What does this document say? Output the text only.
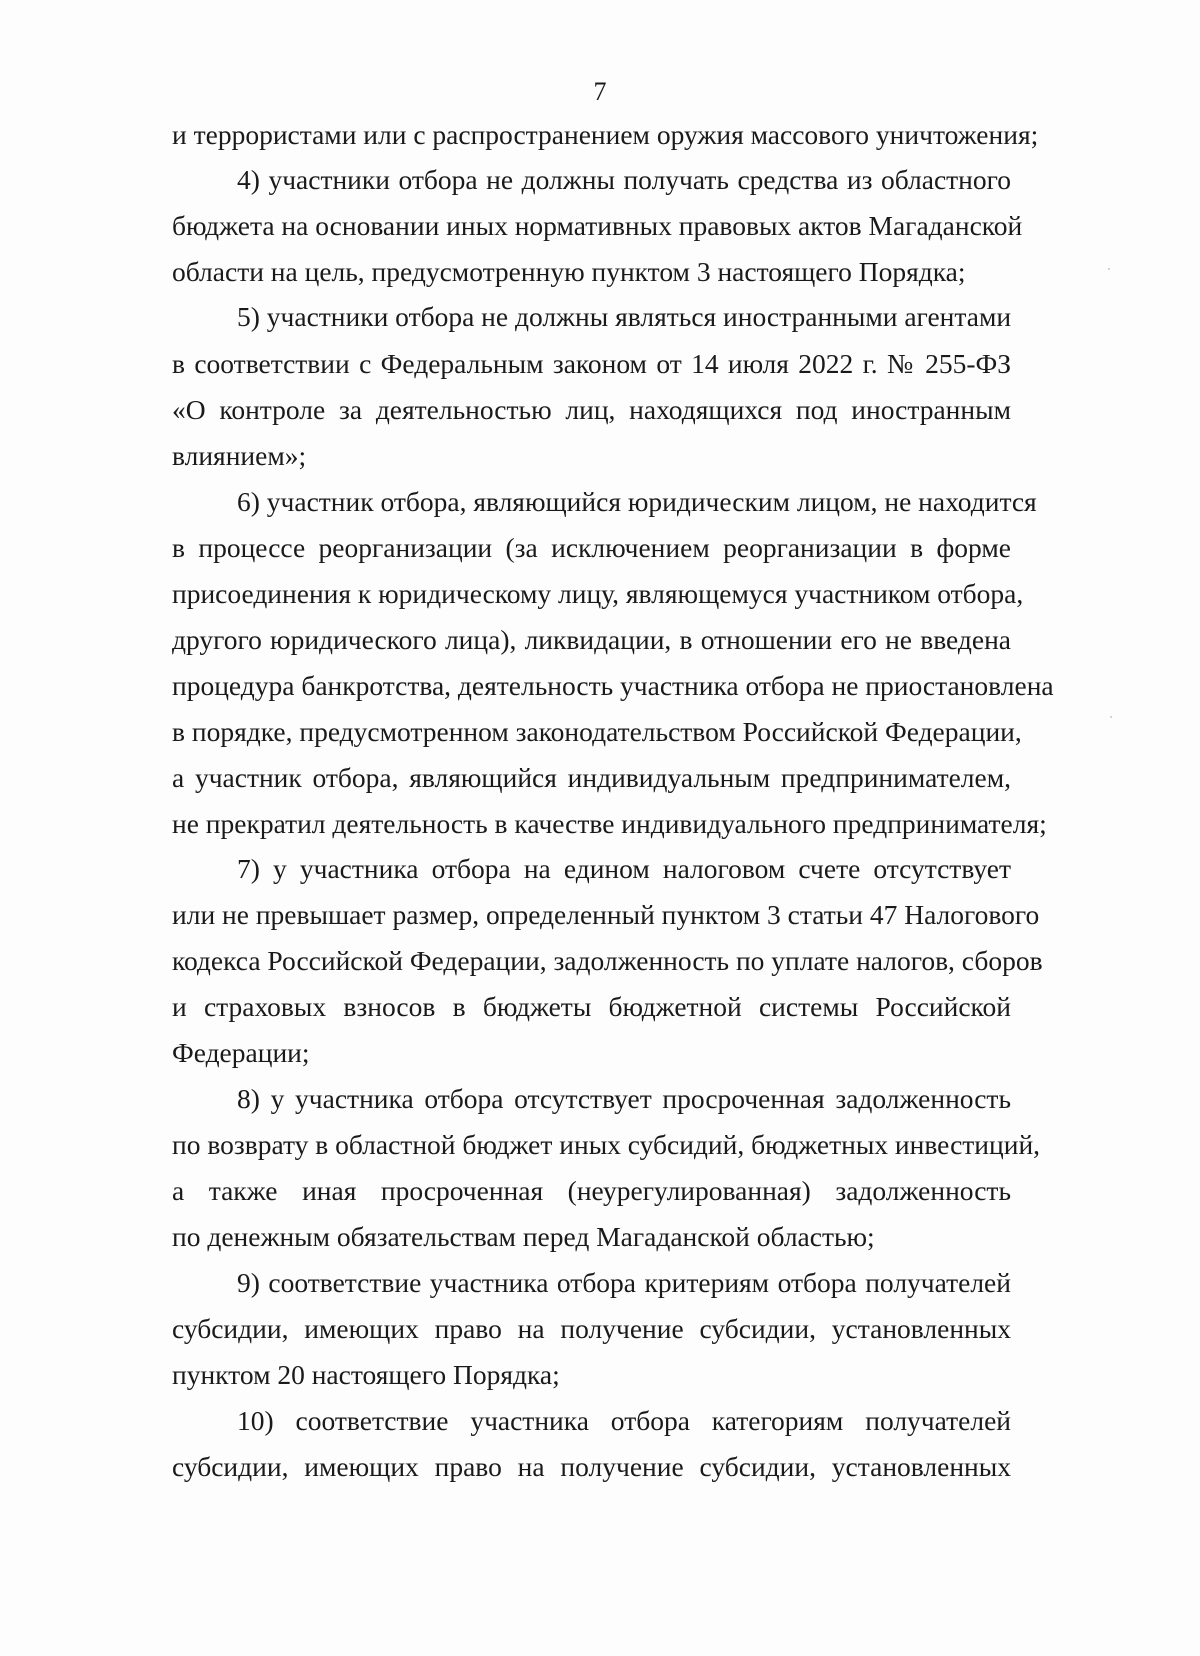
7
и террористами или с распространением оружия массового уничтожения;
4) участники отбора не должны получать средства из областного
бюджета на основании иных нормативных правовых актов Магаданской
области на цель, предусмотренную пунктом 3 настоящего Порядка;
5) участники отбора не должны являться иностранными агентами
в соответствии с Федеральным законом от 14 июля 2022 г. № 255-ФЗ
«О контроле за деятельностью лиц, находящихся под иностранным
влиянием»;
6) участник отбора, являющийся юридическим лицом, не находится
в процессе реорганизации (за исключением реорганизации в форме
присоединения к юридическому лицу, являющемуся участником отбора,
другого юридического лица), ликвидации, в отношении его не введена
процедура банкротства, деятельность участника отбора не приостановлена
в порядке, предусмотренном законодательством Российской Федерации,
а участник отбора, являющийся индивидуальным предпринимателем,
не прекратил деятельность в качестве индивидуального предпринимателя;
7) у участника отбора на едином налоговом счете отсутствует
или не превышает размер, определенный пунктом 3 статьи 47 Налогового
кодекса Российской Федерации, задолженность по уплате налогов, сборов
и страховых взносов в бюджеты бюджетной системы Российской
Федерации;
8) у участника отбора отсутствует просроченная задолженность
по возврату в областной бюджет иных субсидий, бюджетных инвестиций,
а также иная просроченная (неурегулированная) задолженность
по денежным обязательствам перед Магаданской областью;
9) соответствие участника отбора критериям отбора получателей
субсидии, имеющих право на получение субсидии, установленных
пунктом 20 настоящего Порядка;
10) соответствие участника отбора категориям получателей
субсидии, имеющих право на получение субсидии, установленных
